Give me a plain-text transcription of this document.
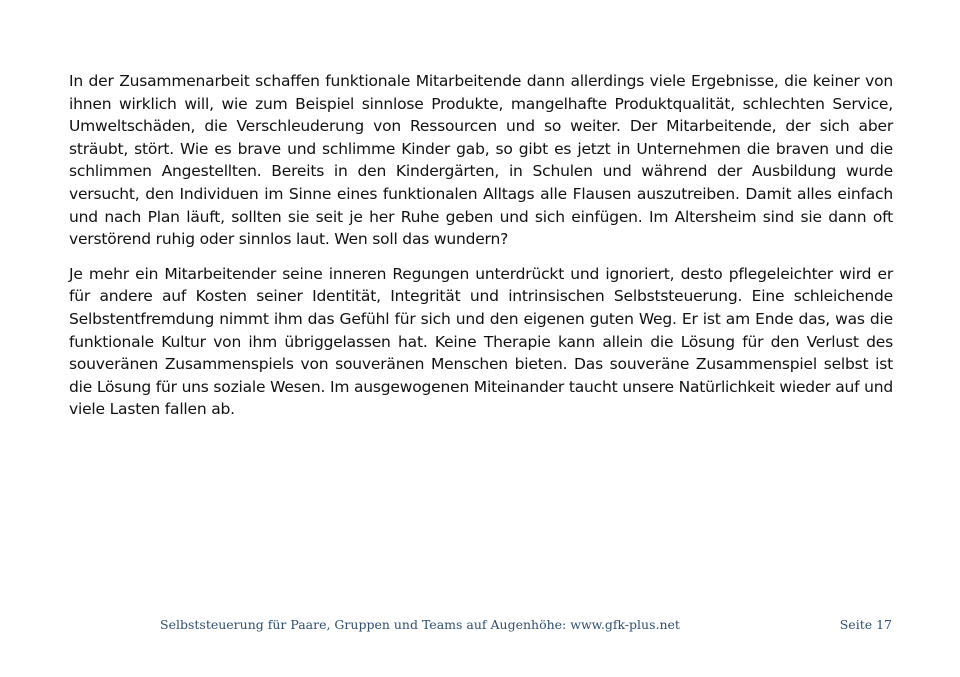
In der Zusammenarbeit schaffen funktionale Mitarbeitende dann allerdings viele Ergebnisse, die keiner von ihnen wirklich will, wie zum Beispiel sinnlose Produkte, mangelhafte Produktqualität, schlechten Service, Umweltschäden, die Verschleuderung von Ressourcen und so weiter. Der Mitarbeitende, der sich aber sträubt, stört. Wie es brave und schlimme Kinder gab, so gibt es jetzt in Unternehmen die braven und die schlimmen Angestellten. Bereits in den Kindergärten, in Schulen und während der Ausbildung wurde versucht, den Individuen im Sinne eines funktionalen Alltags alle Flausen auszutreiben. Damit alles einfach und nach Plan läuft, sollten sie seit je her Ruhe geben und sich einfügen. Im Altersheim sind sie dann oft verstörend ruhig oder sinnlos laut. Wen soll das wundern?

Je mehr ein Mitarbeitender seine inneren Regungen unterdrückt und ignoriert, desto pflegeleichter wird er für andere auf Kosten seiner Identität, Integrität und intrinsischen Selbststeuerung. Eine schleichende Selbstentfremdung nimmt ihm das Gefühl für sich und den eigenen guten Weg. Er ist am Ende das, was die funktionale Kultur von ihm übriggelassen hat. Keine Therapie kann allein die Lösung für den Verlust des souveränen Zusammenspiels von souveränen Menschen bieten. Das souveräne Zusammenspiel selbst ist die Lösung für uns soziale Wesen. Im ausgewogenen Miteinander taucht unsere Natürlichkeit wieder auf und viele Lasten fallen ab.

Selbststeuerung für Paare, Gruppen und Teams auf Augenhöhe: www.gfk-plus.net	Seite 17
